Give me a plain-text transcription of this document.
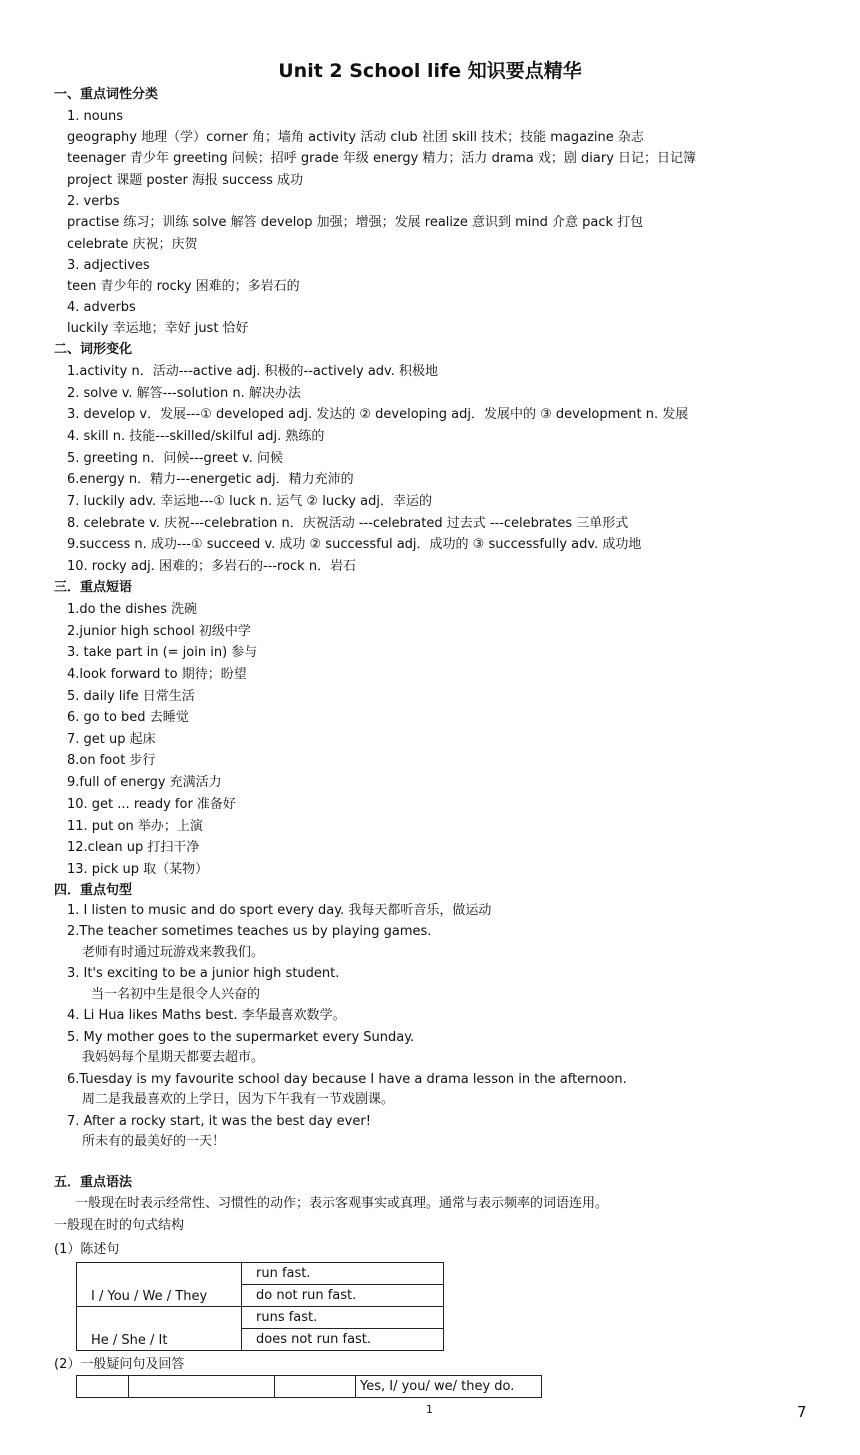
Unit 2 School life 知识要点精华
一、重点词性分类
1. nouns
geography 地理（学）corner 角；墙角 activity 活动 club 社团 skill 技术；技能 magazine 杂志
teenager 青少年 greeting 问候；招呼 grade 年级 energy 精力；活力 drama 戏；剧 diary 日记；日记簿
project 课题 poster 海报 success 成功
2. verbs
practise 练习；训练 solve 解答 develop 加强；增强；发展 realize 意识到 mind 介意 pack 打包
celebrate 庆祝；庆贺
3. adjectives
teen 青少年的 rocky 困难的；多岩石的
4. adverbs
luckily 幸运地；幸好 just 恰好
二、词形变化
1.activity n．活动---active adj. 积极的--actively adv. 积极地
2. solve v. 解答---solution n. 解决办法
3. develop v．发展---① developed adj. 发达的 ② developing adj．发展中的 ③ development n. 发展
4. skill n. 技能---skilled/skilful adj. 熟练的
5. greeting n．问候---greet v. 问候
6.energy n．精力---energetic adj．精力充沛的
7. luckily adv. 幸运地---① luck n. 运气 ② lucky adj．幸运的
8. celebrate v. 庆祝---celebration n．庆祝活动 ---celebrated 过去式 ---celebrates 三单形式
9.success n. 成功---① succeed v. 成功 ② successful adj．成功的 ③ successfully adv. 成功地
10. rocky adj. 困难的；多岩石的---rock n．岩石
三．重点短语
1.do the dishes 洗碗
2.junior high school 初级中学
3. take part in (= join in) 参与
4.look forward to 期待；盼望
5. daily life 日常生活
6. go to bed 去睡觉
7. get up 起床
8.on foot 步行
9.full of energy 充满活力
10. get ... ready for 准备好
11. put on 举办；上演
12.clean up 打扫干净
13. pick up 取（某物）
四．重点句型
1. I listen to music and do sport every day. 我每天都听音乐，做运动
2.The teacher sometimes teaches us by playing games.
老师有时通过玩游戏来教我们。
3. It's exciting to be a junior high student.
当一名初中生是很令人兴奋的
4. Li Hua likes Maths best. 李华最喜欢数学。
5. My mother goes to the supermarket every Sunday.
我妈妈每个星期天都要去超市。
6.Tuesday is my favourite school day because I have a drama lesson in the afternoon.
周二是我最喜欢的上学日，因为下午我有一节戏剧课。
7. After a rocky start, it was the best day ever!
所未有的最美好的一天！
五．重点语法
一般现在时表示经常性、习惯性的动作；表示客观事实或真理。通常与表示频率的词语连用。
一般现在时的句式结构
(1）陈述句
I / You / We / They	run fast.
	do not run fast.
He / She / It	runs fast.
	does not run fast.
(2）一般疑问句及回答
			Yes, I/ you/ we/ they do.
1	7
